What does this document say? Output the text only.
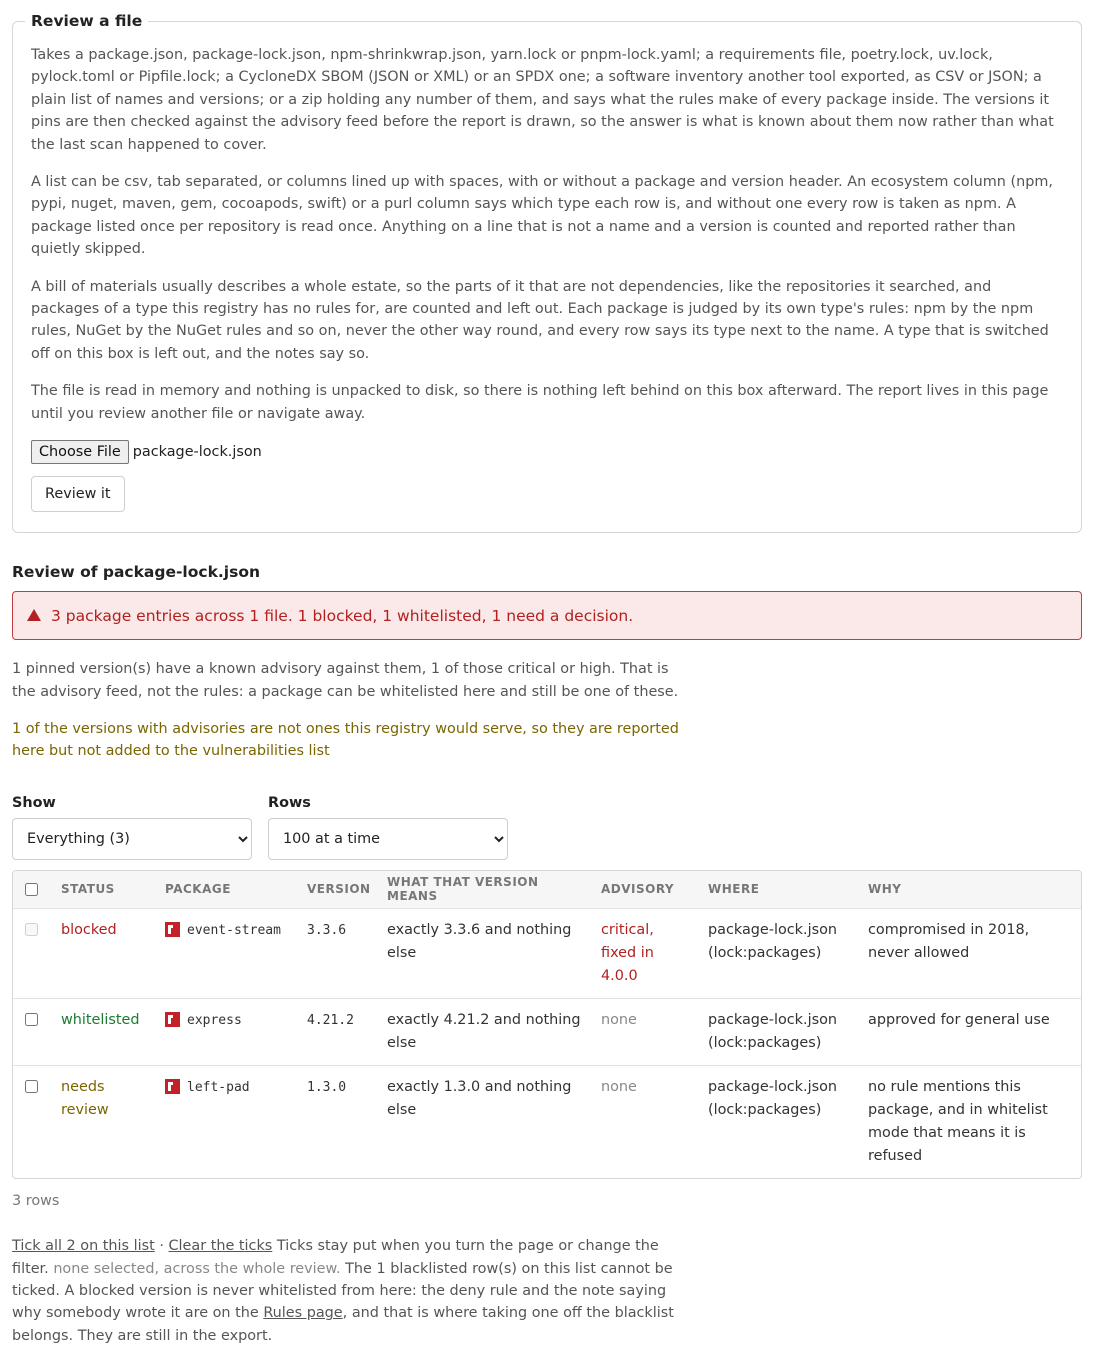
Review a file

Takes a package.json, package-lock.json, npm-shrinkwrap.json, yarn.lock or pnpm-lock.yaml; a requirements file, poetry.lock, uv.lock, pylock.toml or Pipfile.lock; a CycloneDX SBOM (JSON or XML) or an SPDX one; a software inventory another tool exported, as CSV or JSON; a plain list of names and versions; or a zip holding any number of them, and says what the rules make of every package inside. The versions it pins are then checked against the advisory feed before the report is drawn, so the answer is what is known about them now rather than what the last scan happened to cover.

A list can be csv, tab separated, or columns lined up with spaces, with or without a package and version header. An ecosystem column (npm, pypi, nuget, maven, gem, cocoapods, swift) or a purl column says which type each row is, and without one every row is taken as npm. A package listed once per repository is read once. Anything on a line that is not a name and a version is counted and reported rather than quietly skipped.

A bill of materials usually describes a whole estate, so the parts of it that are not dependencies, like the repositories it searched, and packages of a type this registry has no rules for, are counted and left out. Each package is judged by its own type's rules: npm by the npm rules, NuGet by the NuGet rules and so on, never the other way round, and every row says its type next to the name. A type that is switched off on this box is left out, and the notes say so.

The file is read in memory and nothing is unpacked to disk, so there is nothing left behind on this box afterward. The report lives in this page until you review another file or navigate away.

Choose File package-lock.json
Review it
Review of package-lock.json
3 package entries across 1 file. 1 blocked, 1 whitelisted, 1 need a decision.

1 pinned version(s) have a known advisory against them, 1 of those critical or high. That is the advisory feed, not the rules: a package can be whitelisted here and still be one of these.

1 of the versions with advisories are not ones this registry would serve, so they are reported here but not added to the vulnerabilities list

Show
Everything (3)	Rows
100 at a time
	STATUS	PACKAGE	VERSION	WHAT THAT VERSION MEANS	ADVISORY	WHERE	WHY
	blocked	event-stream	3.3.6	exactly 3.3.6 and nothing else	critical, fixed in 4.0.0	package-lock.json (lock:packages)	compromised in 2018, never allowed
	whitelisted	express	4.21.2	exactly 4.21.2 and nothing else	none	package-lock.json (lock:packages)	approved for general use
	needs review	left-pad	1.3.0	exactly 1.3.0 and nothing else	none	package-lock.json (lock:packages)	no rule mentions this package, and in whitelist mode that means it is refused
3 rows
Tick all 2 on this list · Clear the ticks Ticks stay put when you turn the page or change the filter. none selected, across the whole review. The 1 blacklisted row(s) on this list cannot be ticked. A blocked version is never whitelisted from here: the deny rule and the note saying why somebody wrote it are on the Rules page, and that is where taking one off the blacklist belongs. They are still in the export.
